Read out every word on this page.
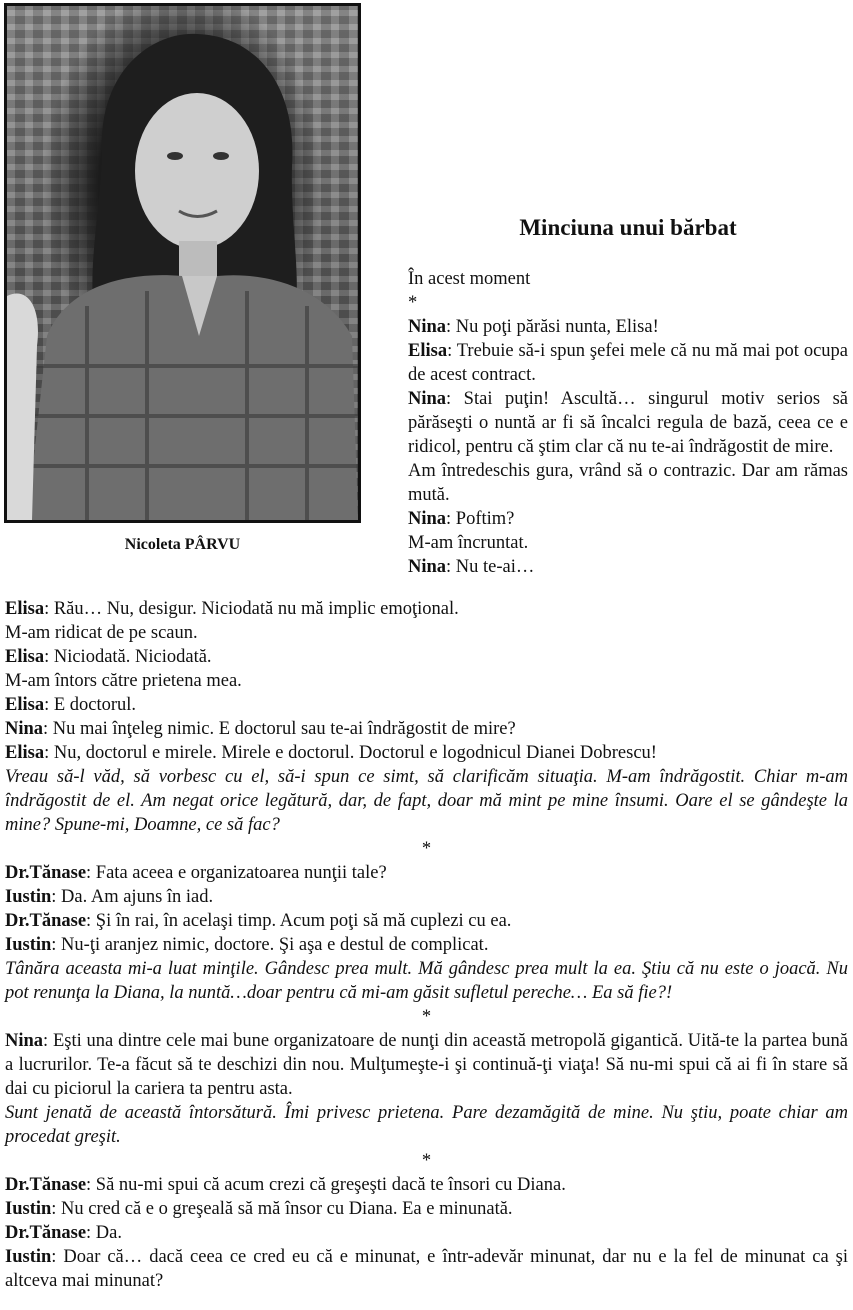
Nicoleta PÂRVU
Minciuna unui bărbat

În acest moment

*

Nina: Nu poţi părăsi nunta, Elisa!

Elisa: Trebuie să-i spun şefei mele că nu mă mai pot ocupa de acest contract.

Nina: Stai puţin! Ascultă… singurul motiv serios să părăseşti o nuntă ar fi să încalci regula de bază, ceea ce e ridicol, pentru că ştim clar că nu te-ai îndrăgostit de mire.

Am întredeschis gura, vrând să o contrazic. Dar am rămas mută.

Nina: Poftim?

M-am încruntat.

Nina: Nu te-ai…

Elisa: Rău… Nu, desigur. Niciodată nu mă implic emoţional.

M-am ridicat de pe scaun.

Elisa: Niciodată. Niciodată.

M-am întors către prietena mea.

Elisa: E doctorul.

Nina: Nu mai înţeleg nimic. E doctorul sau te-ai îndrăgostit de mire?

Elisa: Nu, doctorul e mirele. Mirele e doctorul. Doctorul e logodnicul Dianei Dobrescu!

Vreau să-l văd, să vorbesc cu el, să-i spun ce simt, să clarificăm situaţia. M-am îndrăgostit. Chiar m-am îndrăgostit de el. Am negat orice legătură, dar, de fapt, doar mă mint pe mine însumi. Oare el se gândeşte la mine? Spune-mi, Doamne, ce să fac?

*

Dr.Tănase: Fata aceea e organizatoarea nunţii tale?

Iustin: Da. Am ajuns în iad.

Dr.Tănase: Şi în rai, în acelaşi timp. Acum poţi să mă cuplezi cu ea.

Iustin: Nu-ţi aranjez nimic, doctore. Şi aşa e destul de complicat.

Tânăra aceasta mi-a luat minţile. Gândesc prea mult. Mă gândesc prea mult la ea. Ştiu că nu este o joacă. Nu pot renunţa la Diana, la nuntă…doar pentru că mi-am găsit sufletul pereche… Ea să fie?!

*

Nina: Eşti una dintre cele mai bune organizatoare de nunţi din această metropolă gigantică. Uită-te la partea bună a lucrurilor. Te-a făcut să te deschizi din nou. Mulţumeşte-i şi continuă-ţi viaţa! Să nu-mi spui că ai fi în stare să dai cu piciorul la cariera ta pentru asta.

Sunt jenată de această întorsătură. Îmi privesc prietena. Pare dezamăgită de mine. Nu ştiu, poate chiar am procedat greşit.

*

Dr.Tănase: Să nu-mi spui că acum crezi că greşeşti dacă te însori cu Diana.

Iustin: Nu cred că e o greşeală să mă însor cu Diana. Ea e minunată.

Dr.Tănase: Da.

Iustin: Doar că… dacă ceea ce cred eu că e minunat, e într-adevăr minunat, dar nu e la fel de minunat ca şi altceva mai minunat?
